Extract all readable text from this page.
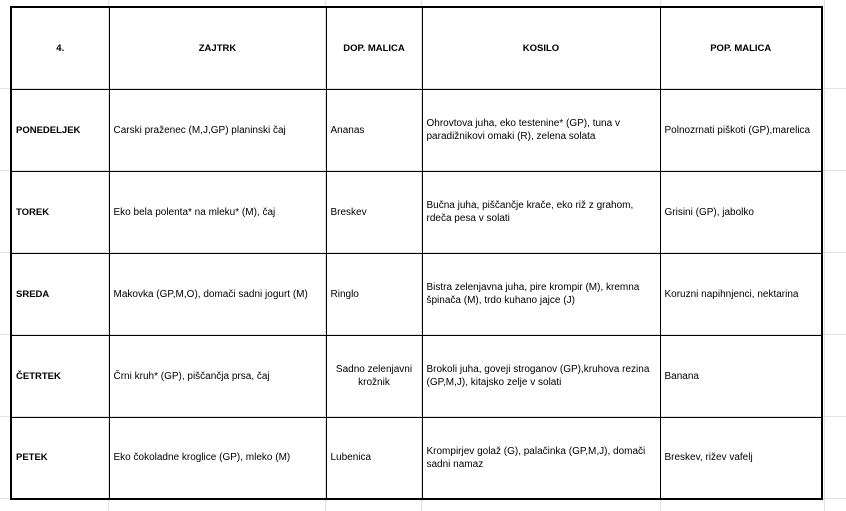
4.	ZAJTRK	DOP. MALICA	KOSILO	POP. MALICA
PONEDELJEK	Carski praženec (M,J,GP) planinski čaj	Ananas	Ohrovtova juha, eko testenine* (GP), tuna v paradižnikovi omaki (R), zelena solata	Polnozrnati piškoti (GP),marelica
TOREK	Eko bela polenta* na mleku* (M), čaj	Breskev	Bučna juha, piščančje krače, eko riž z grahom, rdeča pesa v solati	Grisini (GP), jabolko
SREDA	Makovka (GP,M,O), domači sadni jogurt (M)	Ringlo	Bistra zelenjavna juha, pire krompir (M), kremna špinača (M), trdo kuhano jajce (J)	Koruzni napihnjenci, nektarina
ČETRTEK	Črni kruh* (GP), piščančja prsa, čaj	Sadno zelenjavni krožnik	Brokoli juha, goveji stroganov (GP),kruhova rezina (GP,M,J), kitajsko zelje v solati	Banana
PETEK	Eko čokoladne kroglice (GP), mleko (M)	Lubenica	Krompirjev golaž (G), palačinka (GP,M,J), domači sadni namaz	Breskev, rižev vafelj
